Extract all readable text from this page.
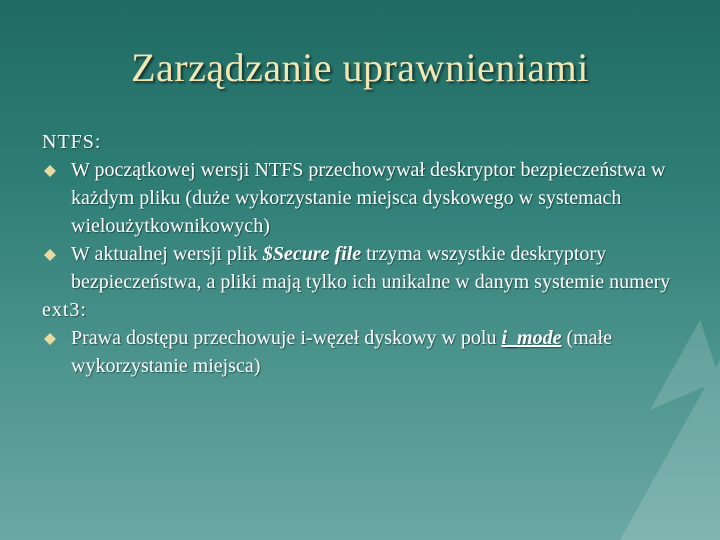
Zarządzanie uprawnieniami
NTFS:
W początkowej wersji NTFS przechowywał deskryptor bezpieczeństwa w każdym pliku (duże wykorzystanie miejsca dyskowego w systemach wieloużytkownikowych)
W aktualnej wersji plik $Secure file trzyma wszystkie deskryptory bezpieczeństwa, a pliki mają tylko ich unikalne w danym systemie numery
ext3:
Prawa dostępu przechowuje i-węzeł dyskowy w polu i_mode (małe wykorzystanie miejsca)
